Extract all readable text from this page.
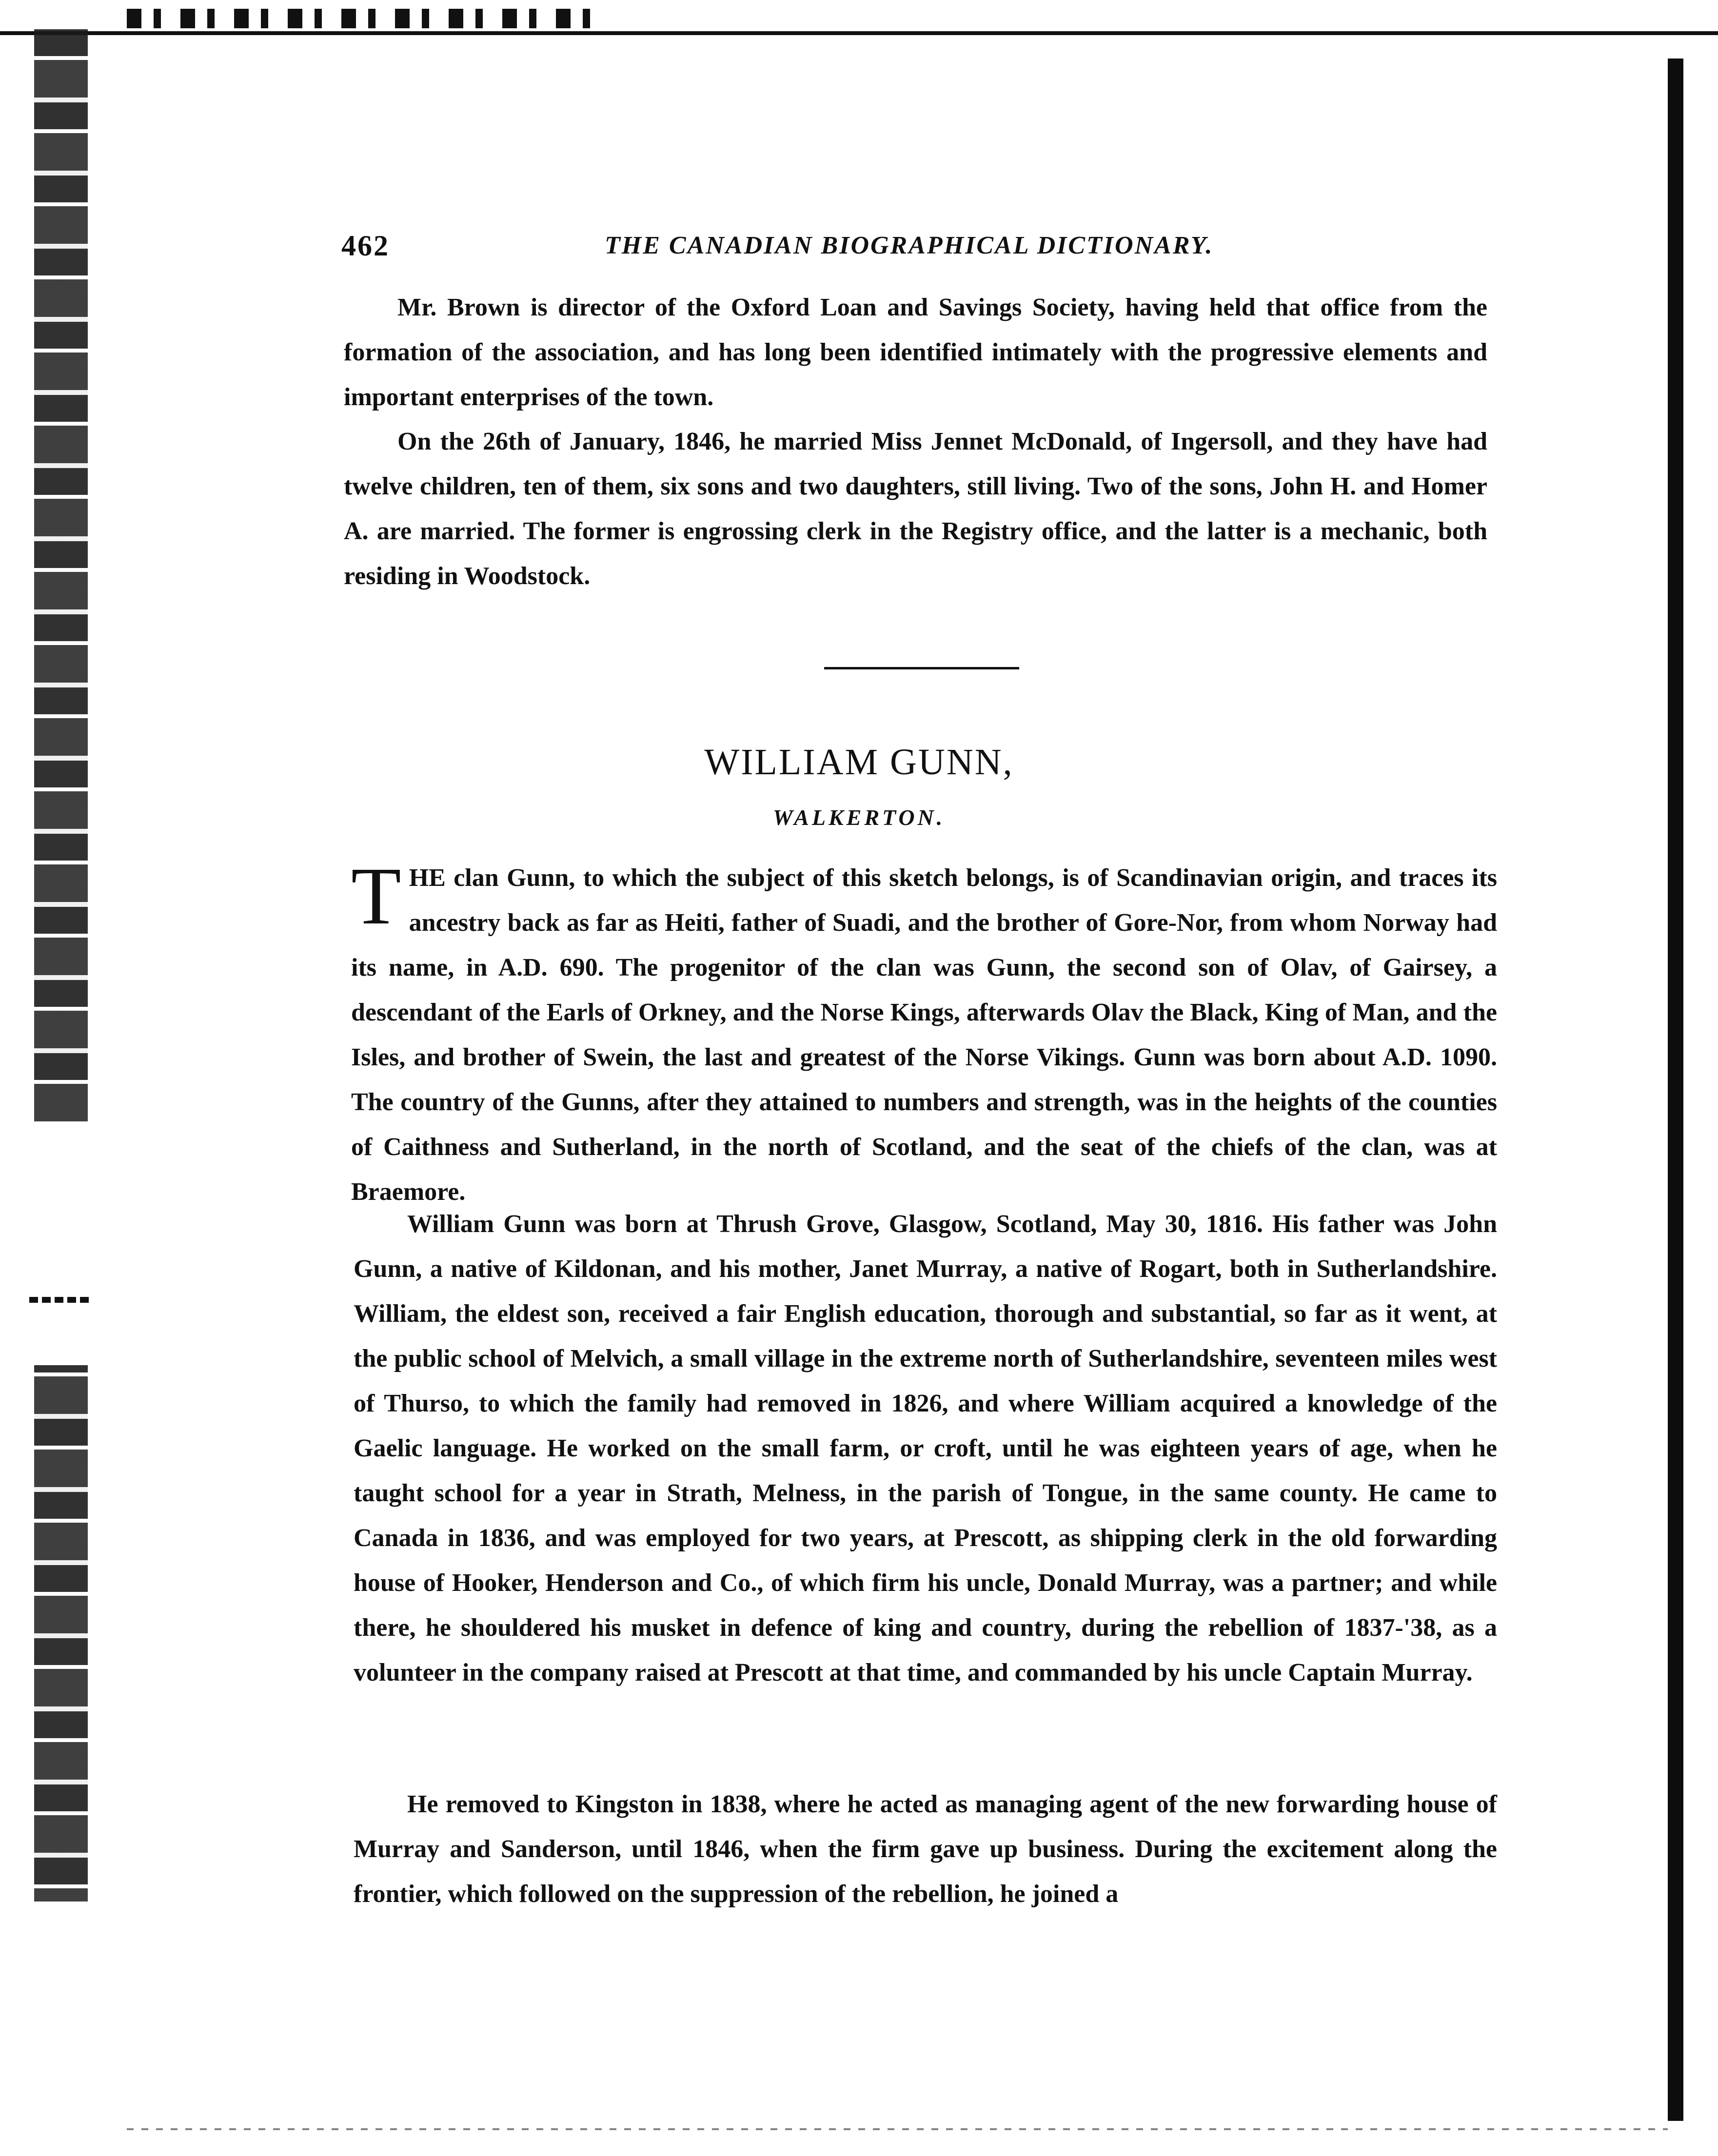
462	THE CANADIAN BIOGRAPHICAL DICTIONARY.

Mr. Brown is director of the Oxford Loan and Savings Society, having held that office from the formation of the association, and has long been identified intimately with the progressive elements and important enterprises of the town.

On the 26th of January, 1846, he married Miss Jennet McDonald, of Ingersoll, and they have had twelve children, ten of them, six sons and two daughters, still living. Two of the sons, John H. and Homer A. are married. The former is engrossing clerk in the Registry office, and the latter is a mechanic, both residing in Woodstock.

WILLIAM GUNN,
WALKERTON.

THE clan Gunn, to which the subject of this sketch belongs, is of Scandinavian origin, and traces its ancestry back as far as Heiti, father of Suadi, and the brother of Gore-Nor, from whom Norway had its name, in A.D. 690. The progenitor of the clan was Gunn, the second son of Olav, of Gairsey, a descendant of the Earls of Orkney, and the Norse Kings, afterwards Olav the Black, King of Man, and the Isles, and brother of Swein, the last and greatest of the Norse Vikings. Gunn was born about A.D. 1090. The country of the Gunns, after they attained to numbers and strength, was in the heights of the counties of Caithness and Sutherland, in the north of Scotland, and the seat of the chiefs of the clan, was at Braemore.

William Gunn was born at Thrush Grove, Glasgow, Scotland, May 30, 1816. His father was John Gunn, a native of Kildonan, and his mother, Janet Murray, a native of Rogart, both in Sutherlandshire. William, the eldest son, received a fair English education, thorough and substantial, so far as it went, at the public school of Melvich, a small village in the extreme north of Sutherlandshire, seventeen miles west of Thurso, to which the family had removed in 1826, and where William acquired a knowledge of the Gaelic language. He worked on the small farm, or croft, until he was eighteen years of age, when he taught school for a year in Strath, Melness, in the parish of Tongue, in the same county. He came to Canada in 1836, and was employed for two years, at Prescott, as shipping clerk in the old forwarding house of Hooker, Henderson and Co., of which firm his uncle, Donald Murray, was a partner; and while there, he shouldered his musket in defence of king and country, during the rebellion of 1837-'38, as a volunteer in the company raised at Prescott at that time, and commanded by his uncle Captain Murray.

He removed to Kingston in 1838, where he acted as managing agent of the new forwarding house of Murray and Sanderson, until 1846, when the firm gave up business. During the excitement along the frontier, which followed on the suppression of the rebellion, he joined a
